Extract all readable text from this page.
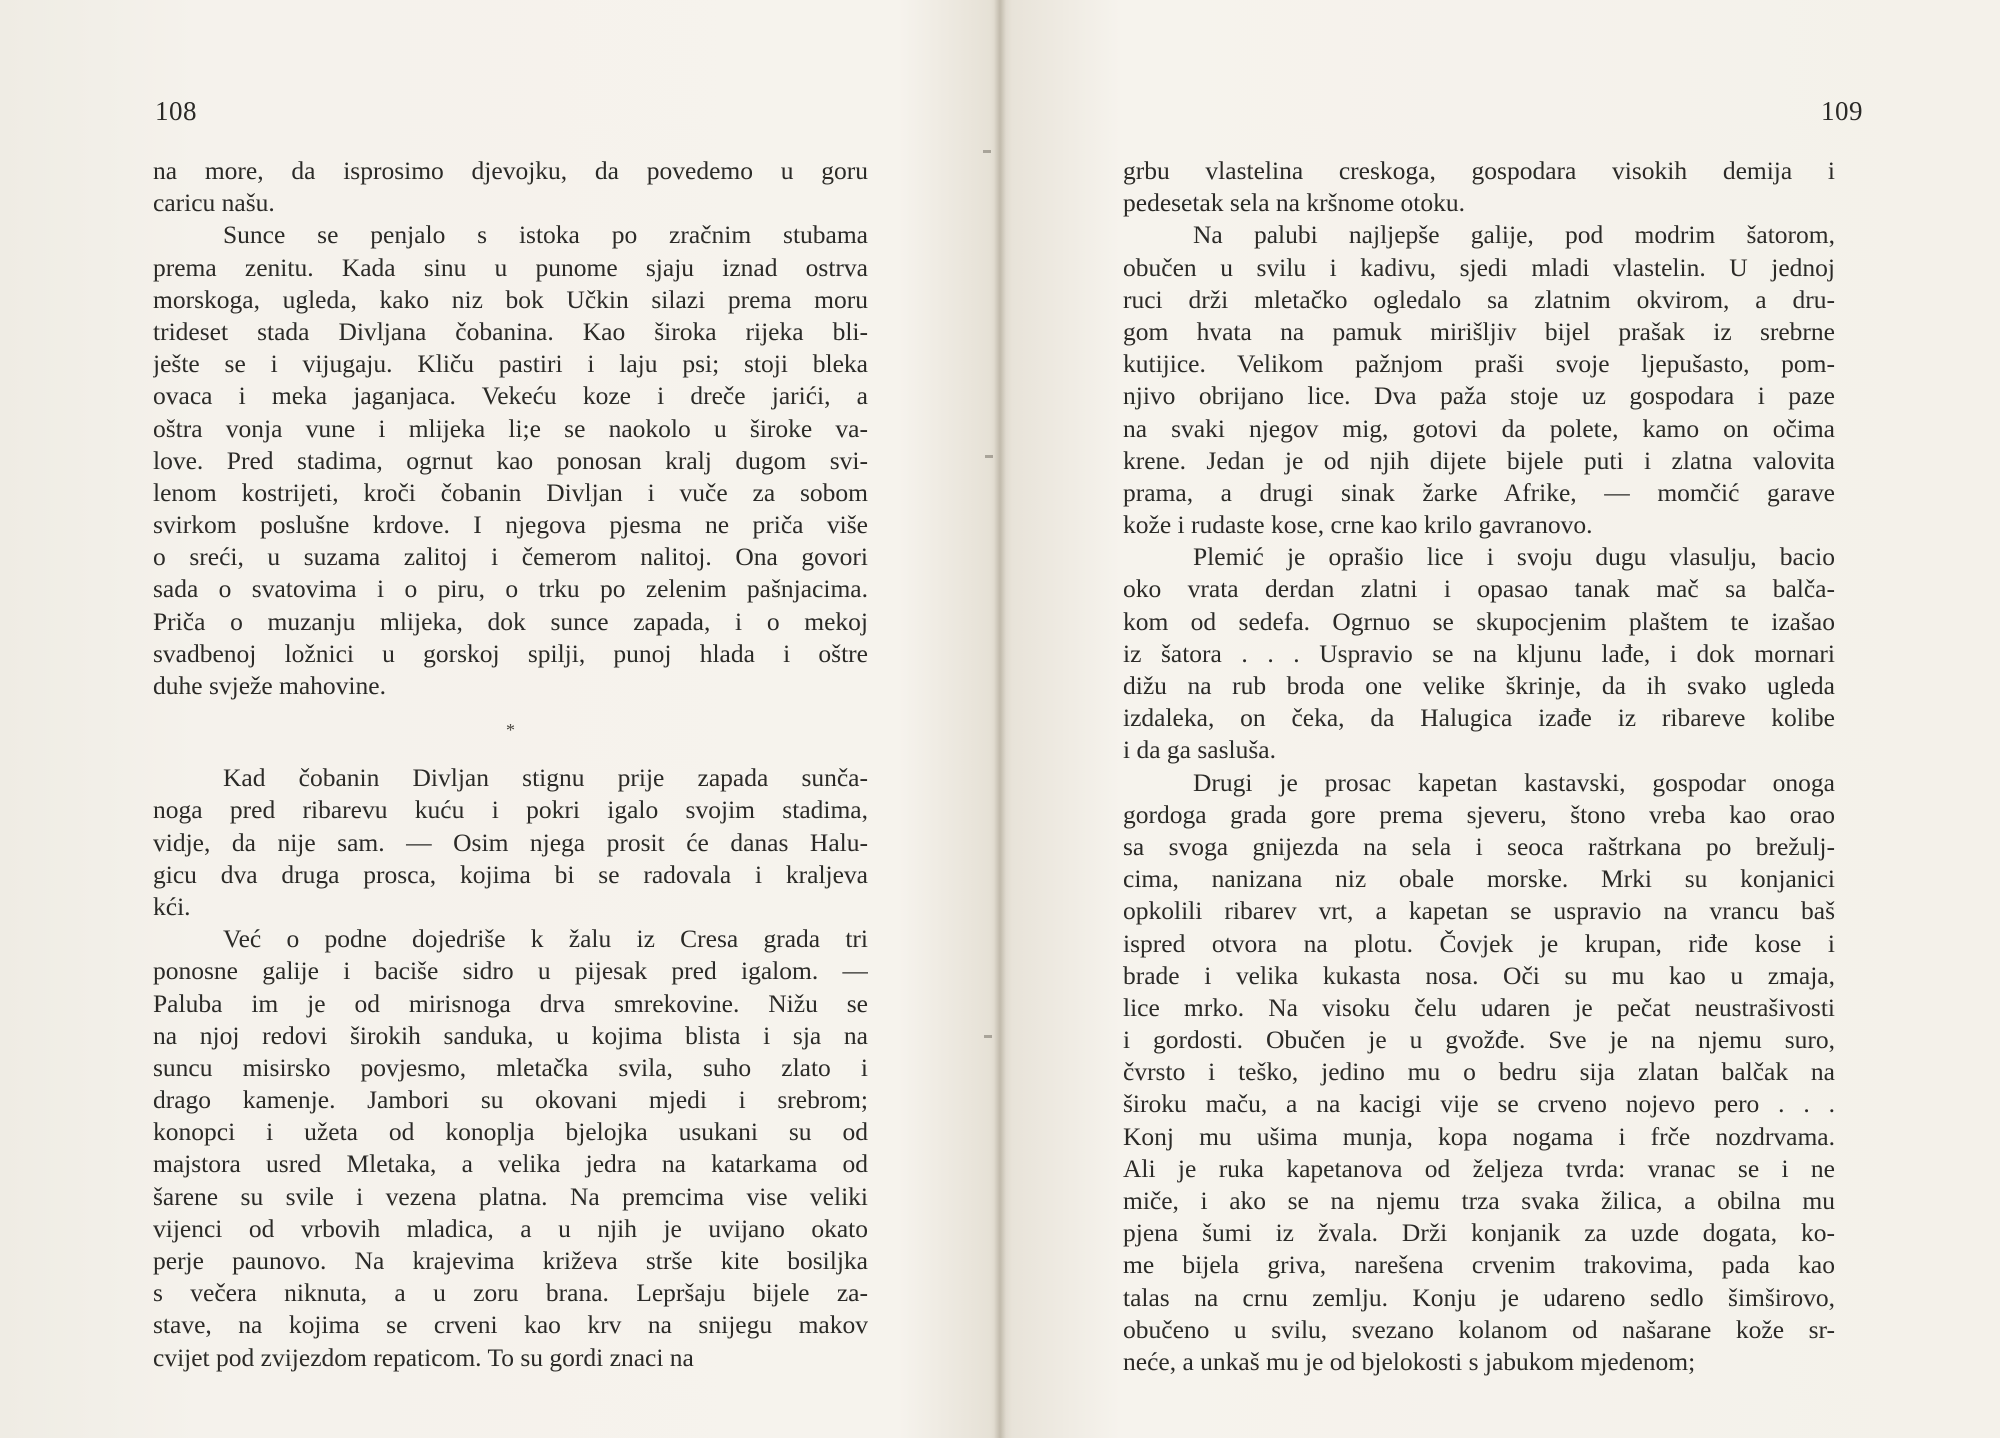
108
na more, da isprosimo djevojku, da povedemo u goru
caricu našu.
Sunce se penjalo s istoka po zračnim stubama
prema zenitu. Kada sinu u punome sjaju iznad ostrva
morskoga, ugleda, kako niz bok Učkin silazi prema moru
trideset stada Divljana čobanina. Kao široka rijeka bli-
ješte se i vijugaju. Kliču pastiri i laju psi; stoji bleka
ovaca i meka jaganjaca. Vekeću koze i dreče jarići, a
oštra vonja vune i mlijeka li;e se naokolo u široke va-
love. Pred stadima, ogrnut kao ponosan kralj dugom svi-
lenom kostrijeti, kroči čobanin Divljan i vuče za sobom
svirkom poslušne krdove. I njegova pjesma ne priča više
o sreći, u suzama zalitoj i čemerom nalitoj. Ona govori
sada o svatovima i o piru, o trku po zelenim pašnjacima.
Priča o muzanju mlijeka, dok sunce zapada, i o mekoj
svadbenoj ložnici u gorskoj spilji, punoj hlada i oštre
duhe svježe mahovine.
*
Kad čobanin Divljan stignu prije zapada sunča-
noga pred ribarevu kuću i pokri igalo svojim stadima,
vidje, da nije sam. — Osim njega prosit će danas Halu-
gicu dva druga prosca, kojima bi se radovala i kraljeva
kći.
Već o podne dojedriše k žalu iz Cresa grada tri
ponosne galije i baciše sidro u pijesak pred igalom. —
Paluba im je od mirisnoga drva smrekovine. Nižu se
na njoj redovi širokih sanduka, u kojima blista i sja na
suncu misirsko povjesmo, mletačka svila, suho zlato i
drago kamenje. Jambori su okovani mjedi i srebrom;
konopci i užeta od konoplja bjelojka usukani su od
majstora usred Mletaka, a velika jedra na katarkama od
šarene su svile i vezena platna. Na premcima vise veliki
vijenci od vrbovih mladica, a u njih je uvijano okato
perje paunovo. Na krajevima križeva strše kite bosiljka
s večera niknuta, a u zoru brana. Lepršaju bijele za-
stave, na kojima se crveni kao krv na snijegu makov
cvijet pod zvijezdom repaticom. To su gordi znaci na
109
grbu vlastelina creskoga, gospodara visokih demija i
pedesetak sela na kršnome otoku.
Na palubi najljepše galije, pod modrim šatorom,
obučen u svilu i kadivu, sjedi mladi vlastelin. U jednoj
ruci drži mletačko ogledalo sa zlatnim okvirom, a dru-
gom hvata na pamuk mirišljiv bijel prašak iz srebrne
kutijice. Velikom pažnjom praši svoje ljepušasto, pom-
njivo obrijano lice. Dva paža stoje uz gospodara i paze
na svaki njegov mig, gotovi da polete, kamo on očima
krene. Jedan je od njih dijete bijele puti i zlatna valovita
prama, a drugi sinak žarke Afrike, — momčić garave
kože i rudaste kose, crne kao krilo gavranovo.
Plemić je oprašio lice i svoju dugu vlasulju, bacio
oko vrata derdan zlatni i opasao tanak mač sa balča-
kom od sedefa. Ogrnuo se skupocjenim plaštem te izašao
iz šatora . . . Uspravio se na kljunu lađe, i dok mornari
dižu na rub broda one velike škrinje, da ih svako ugleda
izdaleka, on čeka, da Halugica izađe iz ribareve kolibe
i da ga sasluša.
Drugi je prosac kapetan kastavski, gospodar onoga
gordoga grada gore prema sjeveru, štono vreba kao orao
sa svoga gnijezda na sela i seoca raštrkana po brežulj-
cima, nanizana niz obale morske. Mrki su konjanici
opkolili ribarev vrt, a kapetan se uspravio na vrancu baš
ispred otvora na plotu. Čovjek je krupan, riđe kose i
brade i velika kukasta nosa. Oči su mu kao u zmaja,
lice mrko. Na visoku čelu udaren je pečat neustrašivosti
i gordosti. Obučen je u gvožđe. Sve je na njemu suro,
čvrsto i teško, jedino mu o bedru sija zlatan balčak na
široku maču, a na kacigi vije se crveno nojevo pero . . .
Konj mu ušima munja, kopa nogama i frče nozdrvama.
Ali je ruka kapetanova od željeza tvrda: vranac se i ne
miče, i ako se na njemu trza svaka žilica, a obilna mu
pjena šumi iz žvala. Drži konjanik za uzde dogata, ko-
me bijela griva, narešena crvenim trakovima, pada kao
talas na crnu zemlju. Konju je udareno sedlo šimširovo,
obučeno u svilu, svezano kolanom od našarane kože sr-
neće, a unkaš mu je od bjelokosti s jabukom mjedenom;
